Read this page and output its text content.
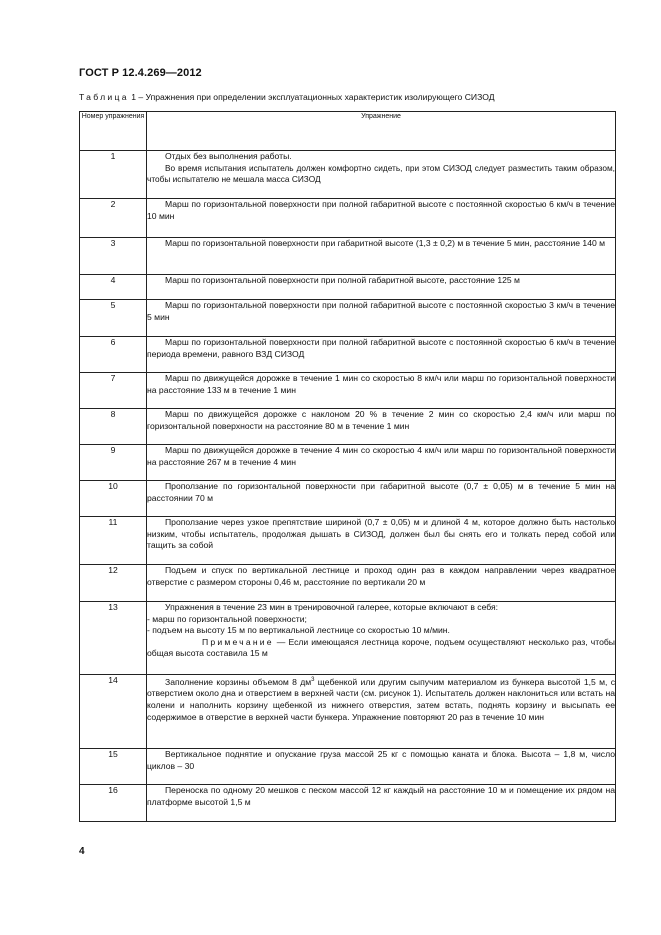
ГОСТ Р 12.4.269—2012
Таблица 1 – Упражнения при определении эксплуатационных характеристик изолирующего СИЗОД
Номер упражнения	Упражнение
1	Отдых без выполнения работы.

Во время испытания испытатель должен комфортно сидеть, при этом СИЗОД следует разместить таким образом, чтобы испытателю не мешала масса СИЗОД

2	Марш по горизонтальной поверхности при полной габаритной высоте с постоянной скоростью 6 км/ч в течение 10 мин

3	Марш по горизонтальной поверхности при габаритной высоте (1,3 ± 0,2) м в течение 5 мин, расстояние 140 м

4	Марш по горизонтальной поверхности при полной габаритной высоте, расстояние 125 м

5	Марш по горизонтальной поверхности при полной габаритной высоте с постоянной скоростью 3 км/ч в течение 5 мин

6	Марш по горизонтальной поверхности при полной габаритной высоте с постоянной скоростью 6 км/ч в течение периода времени, равного ВЗД СИЗОД

7	Марш по движущейся дорожке в течение 1 мин со скоростью 8 км/ч или марш по горизонтальной поверхности на расстояние 133 м в течение 1 мин

8	Марш по движущейся дорожке с наклоном 20 % в течение 2 мин со скоростью 2,4 км/ч или марш по горизонтальной поверхности на расстояние 80 м в течение 1 мин

9	Марш по движущейся дорожке в течение 4 мин со скоростью 4 км/ч или марш по горизонтальной поверхности на расстояние 267 м в течение 4 мин

10	Проползание по горизонтальной поверхности при габаритной высоте (0,7 ± 0,05) м в течение 5 мин на расстоянии 70 м

11	Проползание через узкое препятствие шириной (0,7 ± 0,05) м и длиной 4 м, которое должно быть настолько низким, чтобы испытатель, продолжая дышать в СИЗОД, должен был бы снять его и толкать перед собой или тащить за собой

12	Подъем и спуск по вертикальной лестнице и проход один раз в каждом направлении через квадратное отверстие с размером стороны 0,46 м, расстояние по вертикали 20 м

13	Упражнения в течение 23 мин в тренировочной галерее, которые включают в себя:

- марш по горизонтальной поверхности;

- подъем на высоту 15 м по вертикальной лестнице со скоростью 10 м/мин.

Примечание — Если имеющаяся лестница короче, подъем осуществляют несколько раз, чтобы общая высота составила 15 м

14	Заполнение корзины объемом 8 $дм^3$ щебенкой или другим сыпучим материалом из бункера высотой 1,5 м, с отверстием около дна и отверстием в верхней части (см. рисунок 1). Испытатель должен наклониться или встать на колени и наполнить корзину щебенкой из нижнего отверстия, затем встать, поднять корзину и высыпать ее содержимое в отверстие в верхней части бункера. Упражнение повторяют 20 раз в течение 10 мин

15	Вертикальное поднятие и опускание груза массой 25 кг с помощью каната и блока. Высота – 1,8 м, число циклов – 30

16	Переноска по одному 20 мешков с песком массой 12 кг каждый на расстояние 10 м и помещение их рядом на платформе высотой 1,5 м

4
